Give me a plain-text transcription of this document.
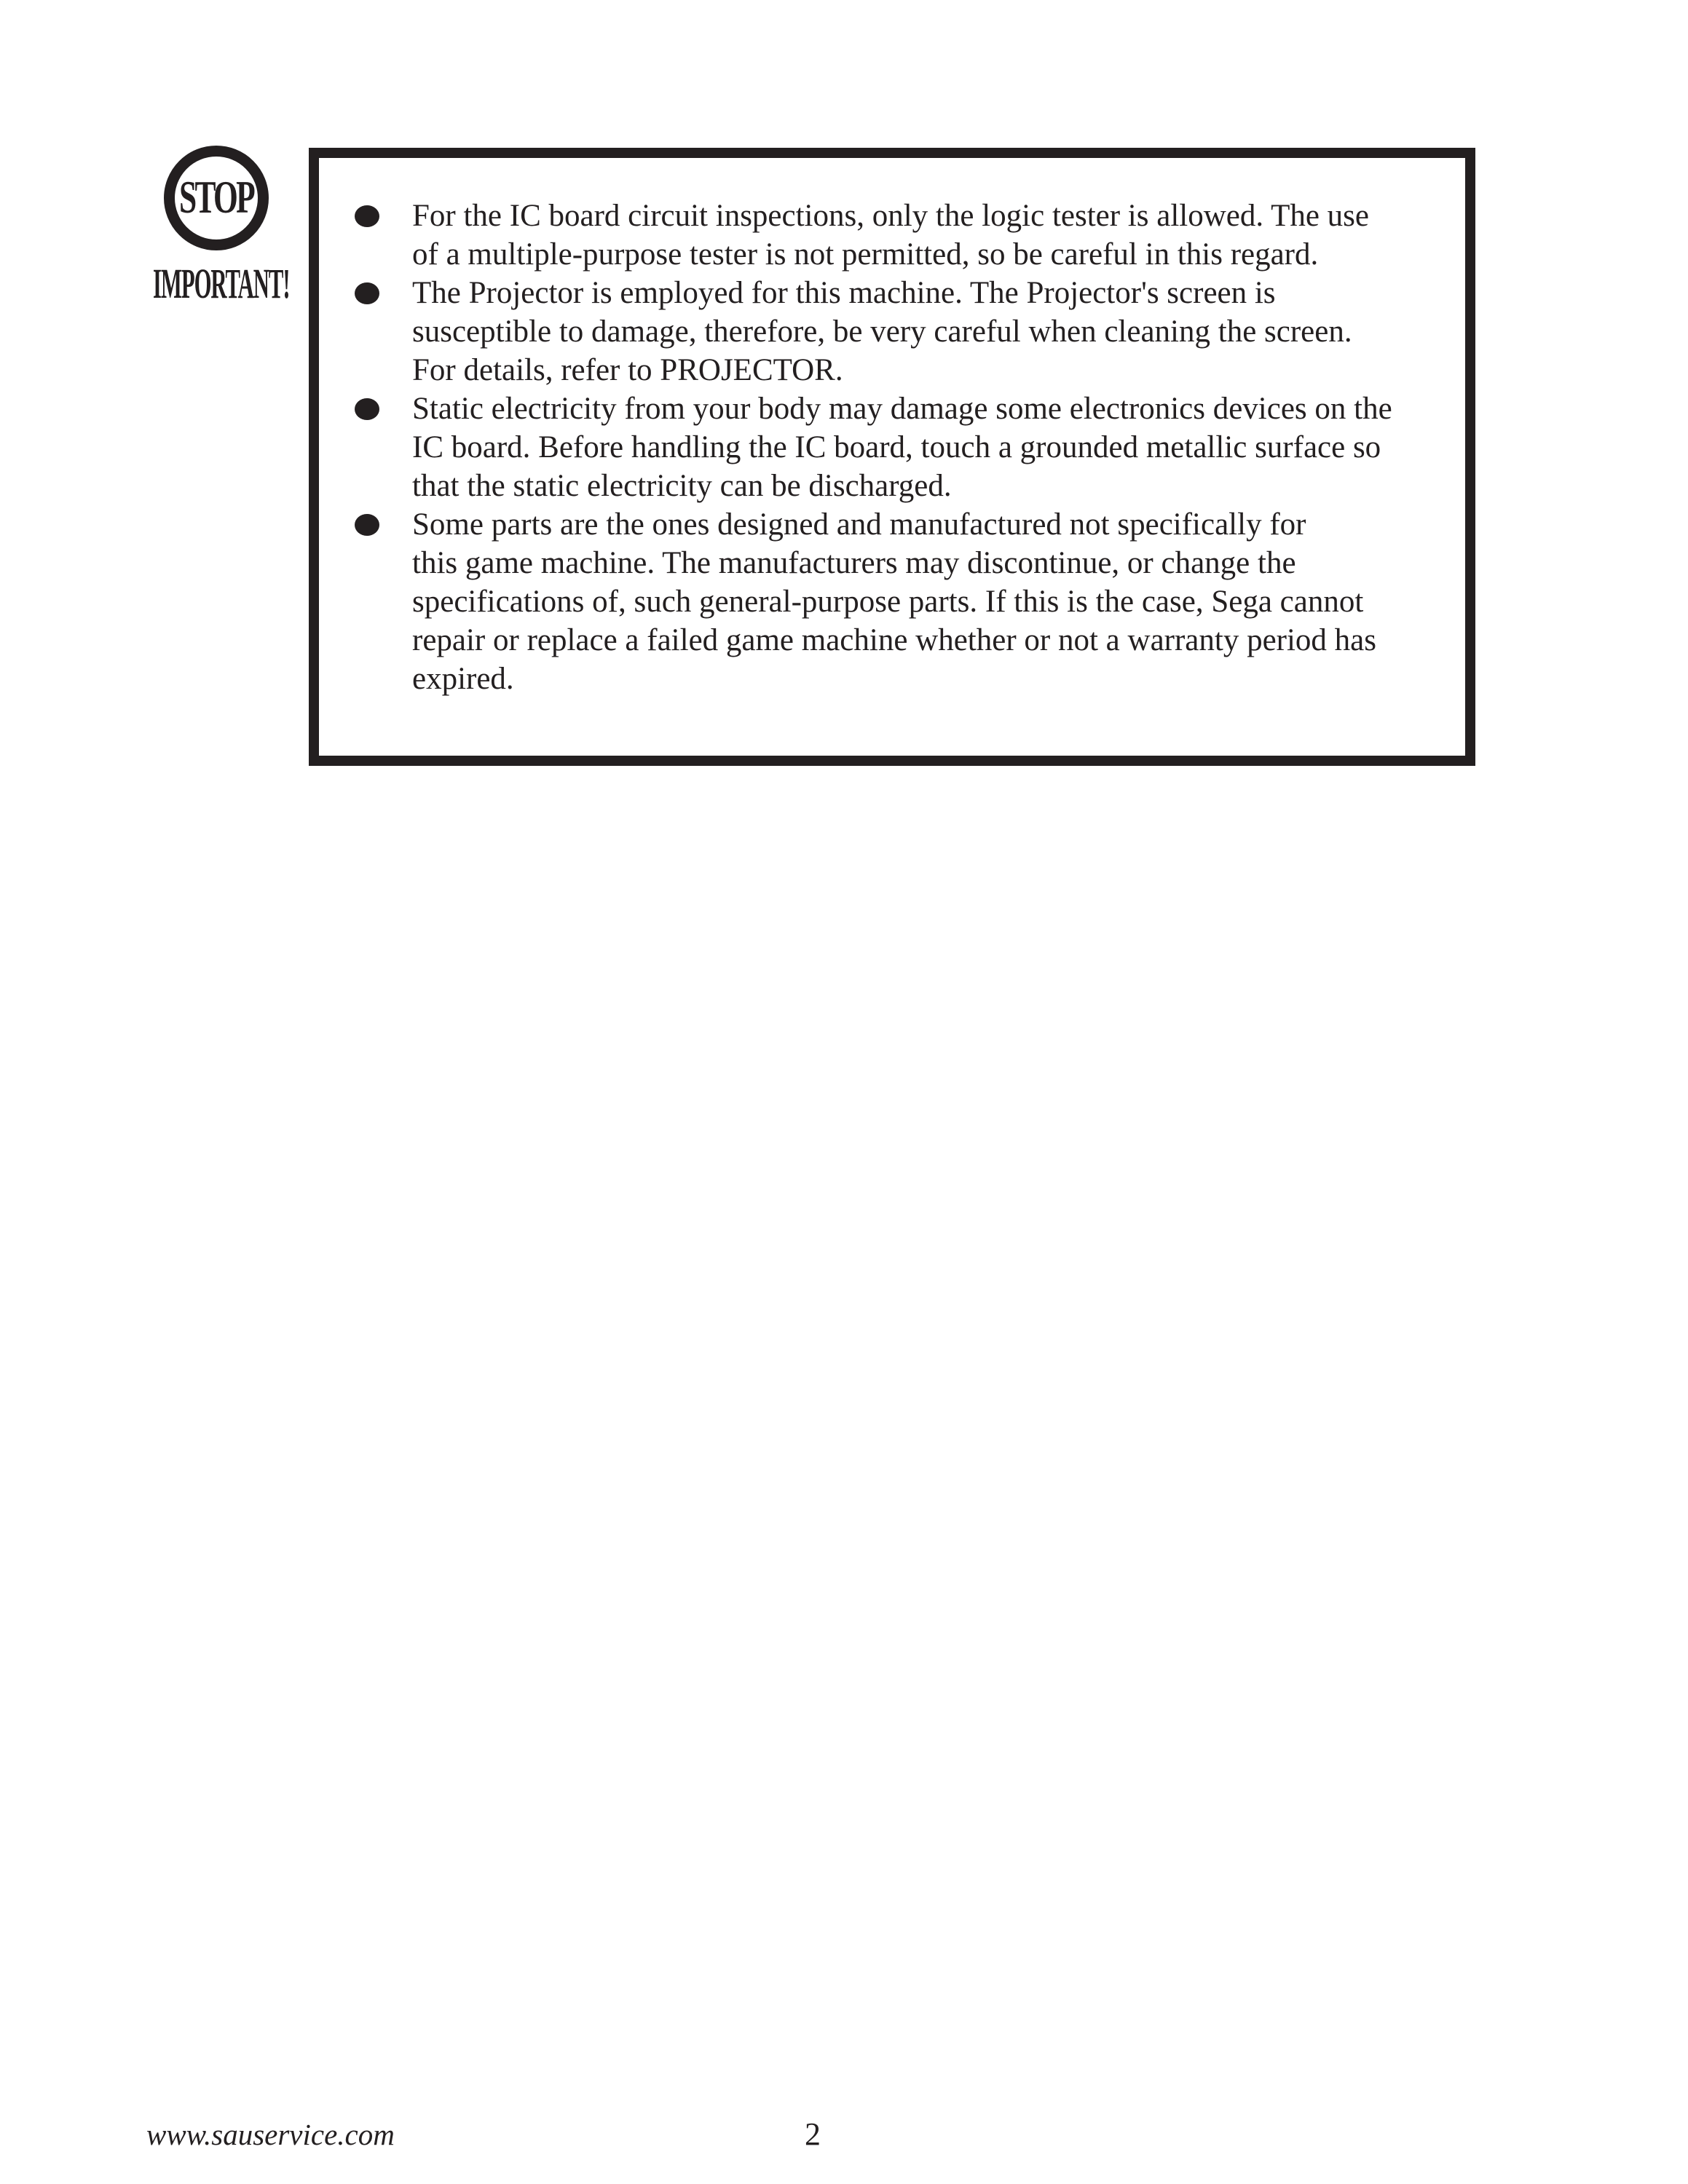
STOP
IMPORTANT!
For the IC board circuit inspections, only the logic tester is allowed. The use
of a multiple-purpose tester is not permitted, so be careful in this regard.
The Projector is employed for this machine. The Projector's screen is
susceptible to damage, therefore, be very careful when cleaning the screen.
For details, refer to PROJECTOR.
Static electricity from your body may damage some electronics devices on the
IC board. Before handling the IC board, touch a grounded metallic surface so
that the static electricity can be discharged.
Some parts are the ones designed and manufactured not specifically for
this game machine. The manufacturers may discontinue, or change the
specifications of, such general-purpose parts. If this is the case, Sega cannot
repair or replace a failed game machine whether or not a warranty period has
expired.
www.sauservice.com	2
